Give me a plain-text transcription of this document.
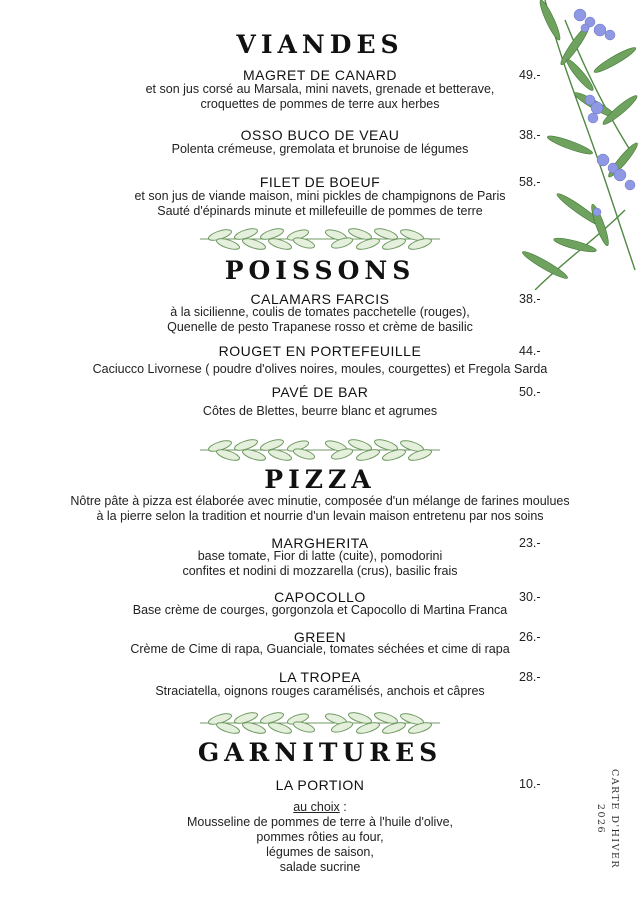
VIANDES
MAGRET DE CANARD	49.-
et son jus corsé au Marsala, mini navets, grenade et betterave,
croquettes de pommes de terre aux herbes
OSSO BUCO DE VEAU	38.-
Polenta crémeuse, gremolata et brunoise de légumes
FILET DE BOEUF	58.-
et son jus de viande maison, mini pickles de champignons de Paris
Sauté d'épinards minute et millefeuille de pommes de terre
POISSONS
CALAMARS FARCIS	38.-
à la sicilienne, coulis de tomates pacchetelle (rouges),
Quenelle de pesto Trapanese rosso et crème de basilic
ROUGET EN PORTEFEUILLE	44.-
Caciucco Livornese ( poudre d'olives noires, moules, courgettes) et Fregola Sarda
PAVÉ DE BAR	50.-
Côtes de Blettes, beurre blanc et agrumes
PIZZA
Nôtre pâte à pizza est élaborée avec minutie, composée d'un mélange de farines moulues
à la pierre selon la tradition et nourrie d'un levain maison entretenu par nos soins
MARGHERITA	23.-
base tomate, Fior di latte (cuite), pomodorini
confites et nodini di mozzarella (crus), basilic frais
CAPOCOLLO	30.-
Base crème de courges, gorgonzola et Capocollo di Martina Franca
GREEN	26.-
Crème de Cime di rapa, Guanciale, tomates séchées et cime di rapa
LA TROPEA	28.-
Straciatella, oignons rouges caramélisés, anchois et câpres
GARNITURES
LA PORTION	10.-
au choix :
Mousseline de pommes de terre à l'huile d'olive,
pommes rôties au four,
légumes de saison,
salade sucrine	CARTE D'HIVER 2026
